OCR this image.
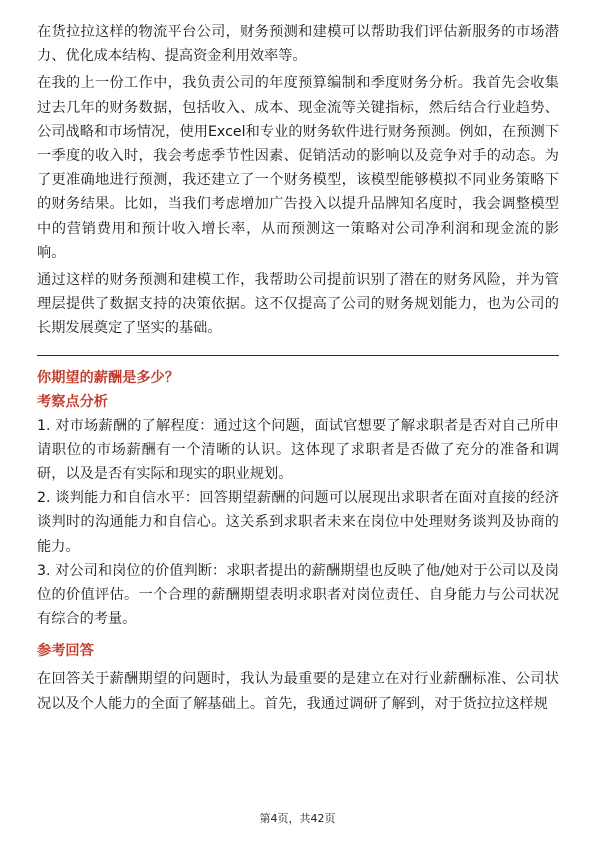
在货拉拉这样的物流平台公司，财务预测和建模可以帮助我们评估新服务的市场潜力、优化成本结构、提高资金利用效率等。

在我的上一份工作中，我负责公司的年度预算编制和季度财务分析。我首先会收集过去几年的财务数据，包括收入、成本、现金流等关键指标，然后结合行业趋势、公司战略和市场情况，使用Excel和专业的财务软件进行财务预测。例如，在预测下一季度的收入时，我会考虑季节性因素、促销活动的影响以及竞争对手的动态。为了更准确地进行预测，我还建立了一个财务模型，该模型能够模拟不同业务策略下的财务结果。比如，当我们考虑增加广告投入以提升品牌知名度时，我会调整模型中的营销费用和预计收入增长率，从而预测这一策略对公司净利润和现金流的影响。

通过这样的财务预测和建模工作，我帮助公司提前识别了潜在的财务风险，并为管理层提供了数据支持的决策依据。这不仅提高了公司的财务规划能力，也为公司的长期发展奠定了坚实的基础。

你期望的薪酬是多少？

考察点分析

1. 对市场薪酬的了解程度：通过这个问题，面试官想要了解求职者是否对自己所申请职位的市场薪酬有一个清晰的认识。这体现了求职者是否做了充分的准备和调研，以及是否有实际和现实的职业规划。

2. 谈判能力和自信水平：回答期望薪酬的问题可以展现出求职者在面对直接的经济谈判时的沟通能力和自信心。这关系到求职者未来在岗位中处理财务谈判及协商的能力。

3. 对公司和岗位的价值判断：求职者提出的薪酬期望也反映了他/她对于公司以及岗位的价值评估。一个合理的薪酬期望表明求职者对岗位责任、自身能力与公司状况有综合的考量。

参考回答

在回答关于薪酬期望的问题时，我认为最重要的是建立在对行业薪酬标准、公司状况以及个人能力的全面了解基础上。首先，我通过调研了解到，对于货拉拉这样规

第4页，共42页
